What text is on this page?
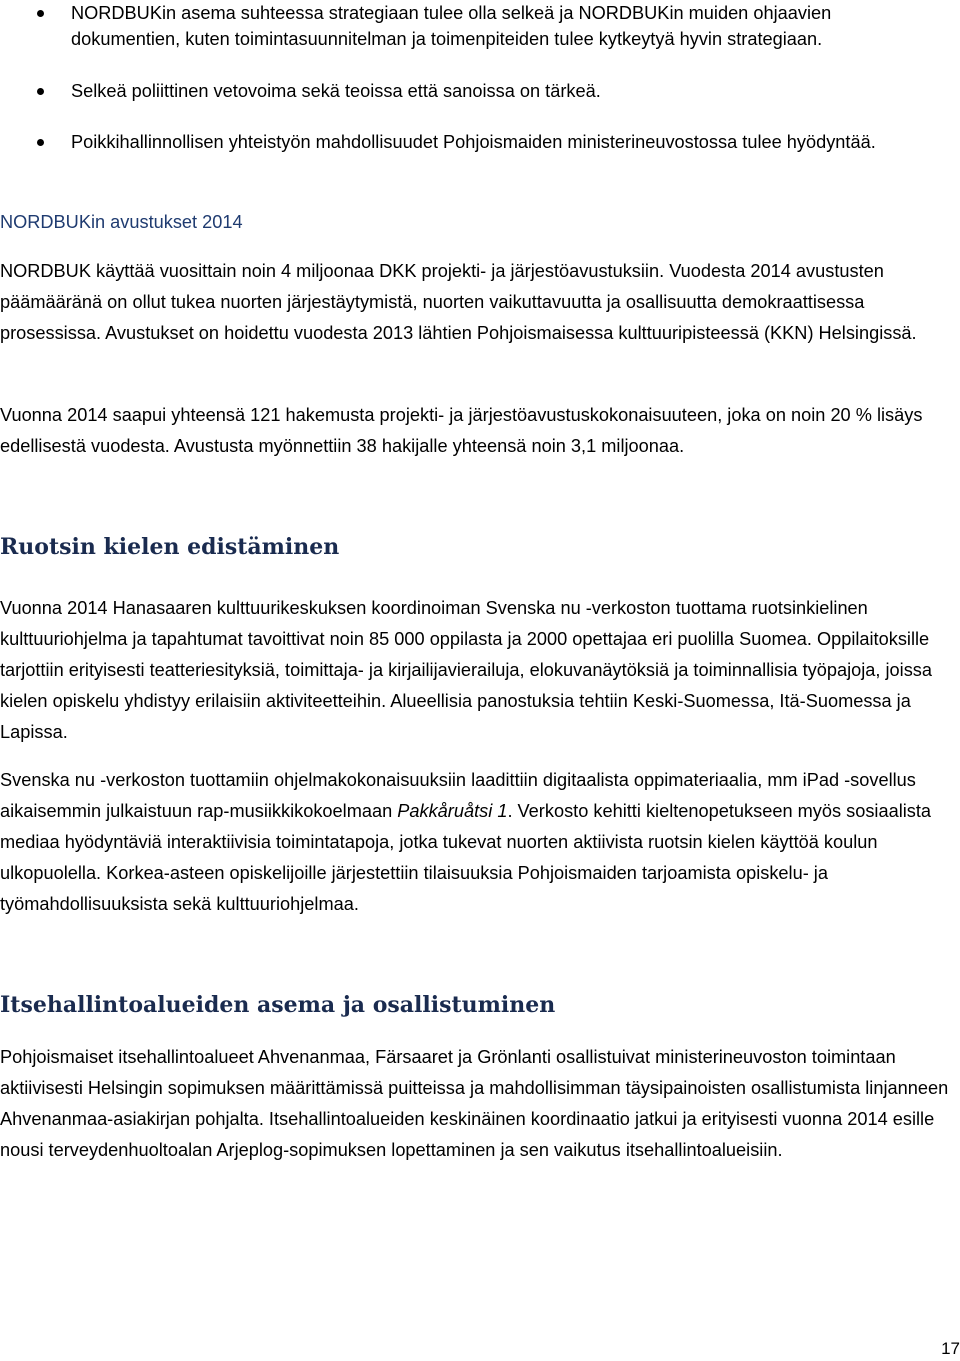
NORDBUKin asema suhteessa strategiaan tulee olla selkeä ja NORDBUKin muiden ohjaavien dokumentien, kuten toimintasuunnitelman ja toimenpiteiden tulee kytkeytyä hyvin strategiaan.
Selkeä poliittinen vetovoima sekä teoissa että sanoissa on tärkeä.
Poikkihallinnollisen yhteistyön mahdollisuudet Pohjoismaiden ministerineuvostossa tulee hyödyntää.
NORDBUKin avustukset 2014
NORDBUK käyttää vuosittain noin 4 miljoonaa DKK projekti- ja järjestöavustuksiin. Vuodesta 2014 avustusten päämääränä on ollut tukea nuorten järjestäytymistä, nuorten vaikuttavuutta ja osallisuutta demokraattisessa prosessissa. Avustukset on hoidettu vuodesta 2013 lähtien Pohjoismaisessa kulttuuripisteessä (KKN) Helsingissä.
Vuonna 2014 saapui yhteensä 121 hakemusta projekti- ja järjestöavustuskokonaisuuteen, joka on noin 20 % lisäys edellisestä vuodesta. Avustusta myönnettiin 38 hakijalle yhteensä noin 3,1 miljoonaa.
Ruotsin kielen edistäminen
Vuonna 2014 Hanasaaren kulttuurikeskuksen koordinoiman Svenska nu -verkoston tuottama ruotsinkielinen kulttuuriohjelma ja tapahtumat tavoittivat noin 85 000 oppilasta ja 2000 opettajaa eri puolilla Suomea. Oppilaitoksille tarjottiin erityisesti teatteriesityksiä, toimittaja- ja kirjailijavierailuja, elokuvanäytöksiä ja toiminnallisia työpajoja, joissa kielen opiskelu yhdistyy erilaisiin aktiviteetteihin. Alueellisia panostuksia tehtiin Keski-Suomessa, Itä-Suomessa ja Lapissa.
Svenska nu -verkoston tuottamiin ohjelmakokonaisuuksiin laadittiin digitaalista oppimateriaalia, mm iPad -sovellus aikaisemmin julkaistuun rap-musiikkikokoelmaan Pakkåruåtsi 1. Verkosto kehitti kieltenopetukseen myös sosiaalista mediaa hyödyntäviä interaktiivisia toimintatapoja, jotka tukevat nuorten aktiivista ruotsin kielen käyttöä koulun ulkopuolella. Korkea-asteen opiskelijoille järjestettiin tilaisuuksia Pohjoismaiden tarjoamista opiskelu- ja työmahdollisuuksista sekä kulttuuriohjelmaa.
Itsehallintoalueiden asema ja osallistuminen
Pohjoismaiset itsehallintoalueet Ahvenanmaa, Färsaaret ja Grönlanti osallistuivat ministerineuvoston toimintaan aktiivisesti Helsingin sopimuksen määrittämissä puitteissa ja mahdollisimman täysipainoisten osallistumista linjanneen Ahvenanmaa-asiakirjan pohjalta. Itsehallintoalueiden keskinäinen koordinaatio jatkui ja erityisesti vuonna 2014 esille nousi terveydenhuoltoalan Arjeplog-sopimuksen lopettaminen ja sen vaikutus itsehallintoalueisiin.
17
